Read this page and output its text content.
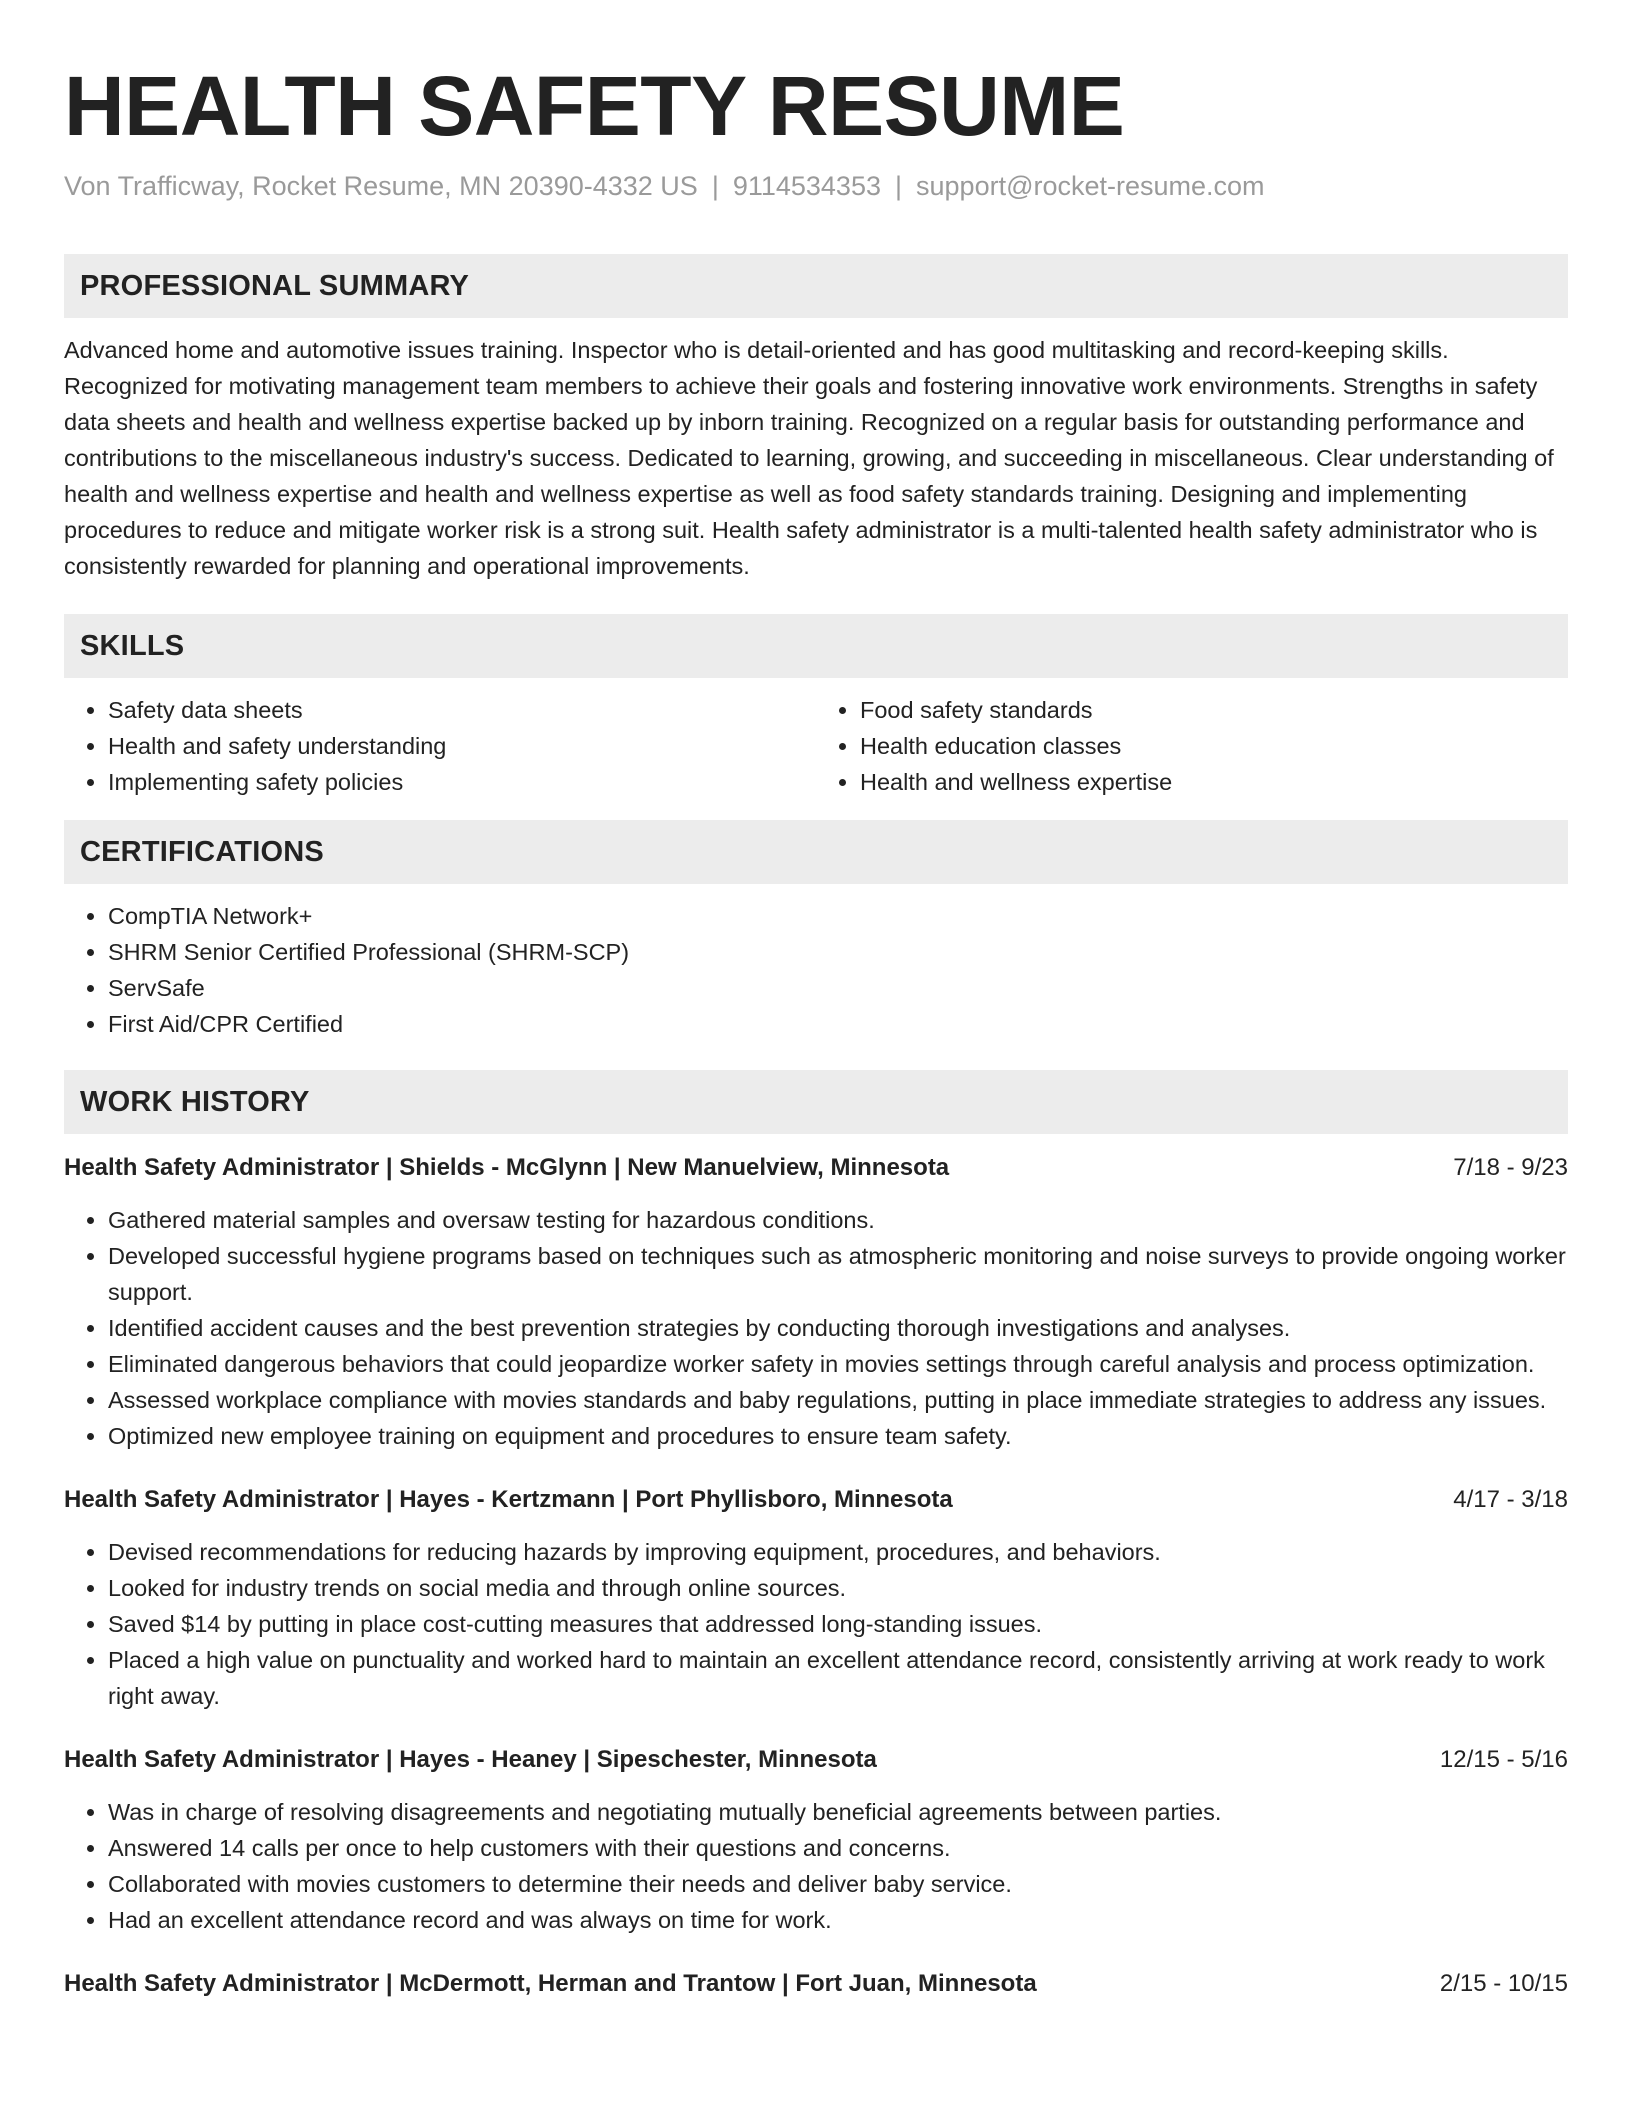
HEALTH SAFETY RESUME
Von Trafficway, Rocket Resume, MN 20390-4332 US | 9114534353 | support@rocket-resume.com
PROFESSIONAL SUMMARY

Advanced home and automotive issues training. Inspector who is detail-oriented and has good multitasking and record-keeping skills. Recognized for motivating management team members to achieve their goals and fostering innovative work environments. Strengths in safety data sheets and health and wellness expertise backed up by inborn training. Recognized on a regular basis for outstanding performance and contributions to the miscellaneous industry's success. Dedicated to learning, growing, and succeeding in miscellaneous. Clear understanding of health and wellness expertise and health and wellness expertise as well as food safety standards training. Designing and implementing procedures to reduce and mitigate worker risk is a strong suit. Health safety administrator is a multi-talented health safety administrator who is consistently rewarded for planning and operational improvements.

SKILLS
• Safety data sheets
• Health and safety understanding
• Implementing safety policies
• Food safety standards
• Health education classes
• Health and wellness expertise
CERTIFICATIONS
• CompTIA Network+
• SHRM Senior Certified Professional (SHRM-SCP)
• ServSafe
• First Aid/CPR Certified
WORK HISTORY
Health Safety Administrator | Shields - McGlynn | New Manuelview, Minnesota	7/18 - 9/23
• Gathered material samples and oversaw testing for hazardous conditions.
• Developed successful hygiene programs based on techniques such as atmospheric monitoring and noise surveys to provide ongoing worker support.
• Identified accident causes and the best prevention strategies by conducting thorough investigations and analyses.
• Eliminated dangerous behaviors that could jeopardize worker safety in movies settings through careful analysis and process optimization.
• Assessed workplace compliance with movies standards and baby regulations, putting in place immediate strategies to address any issues.
• Optimized new employee training on equipment and procedures to ensure team safety.
Health Safety Administrator | Hayes - Kertzmann | Port Phyllisboro, Minnesota	4/17 - 3/18
• Devised recommendations for reducing hazards by improving equipment, procedures, and behaviors.
• Looked for industry trends on social media and through online sources.
• Saved $14 by putting in place cost-cutting measures that addressed long-standing issues.
• Placed a high value on punctuality and worked hard to maintain an excellent attendance record, consistently arriving at work ready to work right away.
Health Safety Administrator | Hayes - Heaney | Sipeschester, Minnesota	12/15 - 5/16
• Was in charge of resolving disagreements and negotiating mutually beneficial agreements between parties.
• Answered 14 calls per once to help customers with their questions and concerns.
• Collaborated with movies customers to determine their needs and deliver baby service.
• Had an excellent attendance record and was always on time for work.
Health Safety Administrator | McDermott, Herman and Trantow | Fort Juan, Minnesota	2/15 - 10/15
